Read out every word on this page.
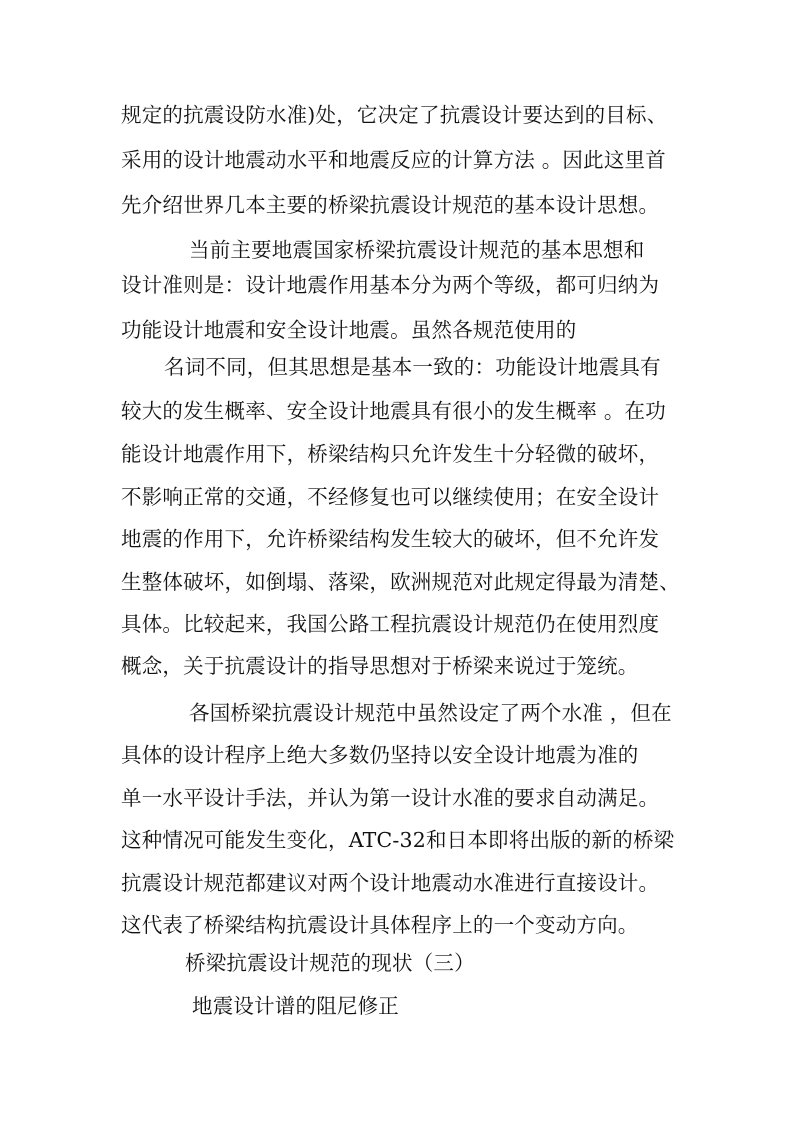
规定的抗震设防水准)处，它决定了抗震设计要达到的目标、
采用的设计地震动水平和地震反应的计算方法 。因此这里首
先介绍世界几本主要的桥梁抗震设计规范的基本设计思想。
当前主要地震国家桥梁抗震设计规范的基本思想和
设计准则是：设计地震作用基本分为两个等级，都可归纳为
功能设计地震和安全设计地震。虽然各规范使用的
名词不同，但其思想是基本一致的：功能设计地震具有
较大的发生概率、安全设计地震具有很小的发生概率 。在功
能设计地震作用下，桥梁结构只允许发生十分轻微的破坏，
不影响正常的交通，不经修复也可以继续使用；在安全设计
地震的作用下，允许桥梁结构发生较大的破坏，但不允许发
生整体破坏，如倒塌、落梁，欧洲规范对此规定得最为清楚、
具体。比较起来，我国公路工程抗震设计规范仍在使用烈度
概念，关于抗震设计的指导思想对于桥梁来说过于笼统。
各国桥梁抗震设计规范中虽然设定了两个水准 ，但在
具体的设计程序上绝大多数仍坚持以安全设计地震为准的
单一水平设计手法，并认为第一设计水准的要求自动满足。
这种情况可能发生变化，ATC-32和日本即将出版的新的桥梁
抗震设计规范都建议对两个设计地震动水准进行直接设计。
这代表了桥梁结构抗震设计具体程序上的一个变动方向。
桥梁抗震设计规范的现状（三）
地震设计谱的阻尼修正
